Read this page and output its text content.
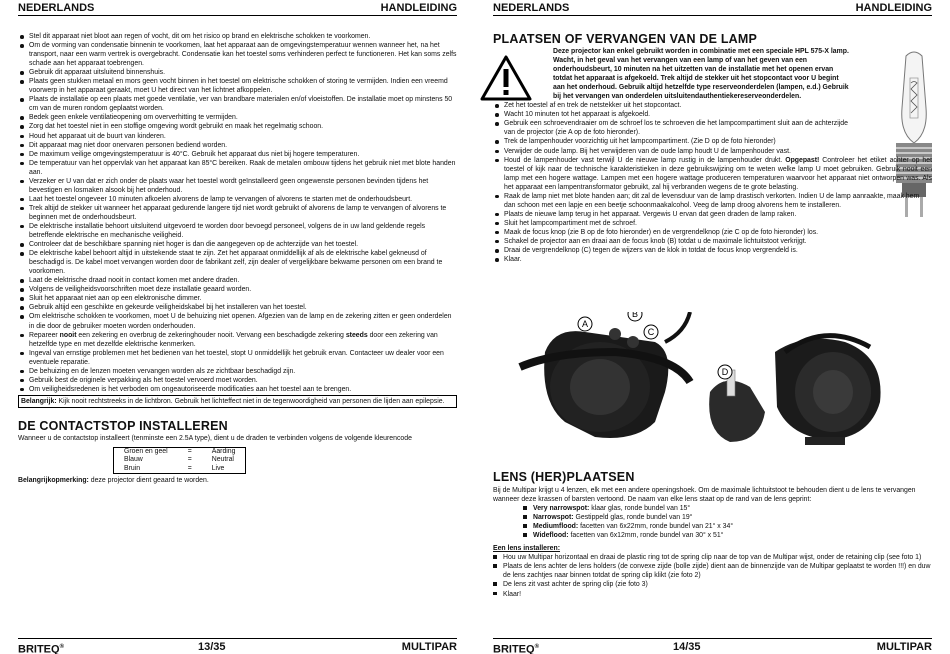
NEDERLANDS	HANDLEIDING
Stel dit apparaat niet bloot aan regen of vocht, dit om het risico op brand en elektrische schokken te voorkomen.
Om de vorming van condensatie binnenin te voorkomen, laat het apparaat aan de omgevingstemperatuur wennen wanneer het, na het transport, naar een warm vertrek is overgebracht. Condensatie kan het toestel soms verhinderen perfect te functioneren. Het kan soms zelfs schade aan het apparaat toebrengen.
Gebruik dit apparaat uitsluitend binnenshuis.
Plaats geen stukken metaal en mors geen vocht binnen in het toestel om elektrische schokken of storing te vermijden. Indien een vreemd voorwerp in het apparaat geraakt, moet U het direct van het lichtnet afkoppelen.
Plaats de installatie op een plaats met goede ventilatie, ver van brandbare materialen en/of vloeistoffen. De installatie moet op minstens 50 cm van de muren rondom geplaatst worden.
Bedek geen enkele ventilatieopening om oververhitting te vermijden.
Zorg dat het toestel niet in een stoffige omgeving wordt gebruikt en maak het regelmatig schoon.
Houd het apparaat uit de buurt van kinderen.
Dit apparaat mag niet door onervaren personen bediend worden.
De maximum veilige omgevingstemperatuur is 40°C. Gebruik het apparaat dus niet bij hogere temperaturen.
De temperatuur van het oppervlak van het apparaat kan 85°C bereiken. Raak de metalen ombouw tijdens het gebruik niet met blote handen aan.
Verzeker er U van dat er zich onder de plaats waar het toestel wordt geïnstalleerd geen ongewenste personen bevinden tijdens het bevestigen en losmaken alsook bij het onderhoud.
Laat het toestel ongeveer 10 minuten afkoelen alvorens de lamp te vervangen of alvorens te starten met de onderhoudsbeurt.
Trek altijd de stekker uit wanneer het apparaat gedurende langere tijd niet wordt gebruikt of alvorens de lamp te vervangen of alvorens te beginnen met de onderhoudsbeurt.
De elektrische installatie behoort uitsluitend uitgevoerd te worden door bevoegd personeel, volgens de in uw land geldende regels betreffende elektrische en mechanische veiligheid.
Controleer dat de beschikbare spanning niet hoger is dan die aangegeven op de achterzijde van het toestel.
De elektrische kabel behoort altijd in uitstekende staat te zijn. Zet het apparaat onmiddellijk af als de elektrische kabel gekneusd of beschadigd is. De kabel moet vervangen worden door de fabrikant zelf, zijn dealer of vergelijkbare bekwame personen om een brand te voorkomen.
Laat de elektrische draad nooit in contact komen met andere draden.
Volgens de veiligheidsvoorschriften moet deze installatie geaard worden.
Sluit het apparaat niet aan op een elektronische dimmer.
Gebruik altijd een geschikte en gekeurde veiligheidskabel bij het installeren van het toestel.
Om elektrische schokken te voorkomen, moet U de behuizing niet openen. Afgezien van de lamp en de zekering zitten er geen onderdelen in die door de gebruiker moeten worden onderhouden.
Repareer nooit een zekering en overbrug de zekeringhouder nooit. Vervang een beschadigde zekering steeds door een zekering van hetzelfde type en met dezelfde elektrische kenmerken.
Ingeval van ernstige problemen met het bedienen van het toestel, stopt U onmiddellijk het gebruik ervan. Contacteer uw dealer voor een eventuele reparatie.
De behuizing en de lenzen moeten vervangen worden als ze zichtbaar beschadigd zijn.
Gebruik best de originele verpakking als het toestel vervoerd moet worden.
Om veiligheidsredenen is het verboden om ongeautoriseerde modificaties aan het toestel aan te brengen.
Belangrijk: Kijk nooit rechtstreeks in de lichtbron. Gebruik het lichteffect niet in de tegenwoordigheid van personen die lijden aan epilepsie.
DE CONTACTSTOP INSTALLEREN

Wanneer u de contactstop installeert (tenminste een 2.5A type), dient u de draden te verbinden volgens de volgende kleurencode

Groen en geel	=	Aarding
Blauw	=	Neutral
Bruin	=	Live

Belangrijkopmerking: deze projector dient geaard te worden.

BRITEQ®	13/35	MULTIPAR
NEDERLANDS	HANDLEIDING
PLAATSEN OF VERVANGEN VAN DE LAMP

Deze projector kan enkel gebruikt worden in combinatie met een speciale HPL 575-X lamp. Wacht, in het geval van het vervangen van een lamp of van het geven van een onderhoudsbeurt, 10 minuten na het uitzetten van de installatie met het openen ervan totdat het apparaat is afgekoeld. Trek altijd de stekker uit het stopcontact voor U begint aan het onderhoud. Gebruik altijd hetzelfde type reserveonderdelen (lampen, e.d.) Gebruik bij het vervangen van onderdelen uitsluitendauthentiekereserveonderdelen.

Zet het toestel af en trek de netstekker uit het stopcontact.
Wacht 10 minuten tot het apparaat is afgekoeld.
Gebruik een schroevendraaier om de schroef los te schroeven die het lampcompartiment sluit aan de achterzijde van de projector (zie A op de foto hieronder).
Trek de lampenhouder voorzichtig uit het lampcompartiment. (Zie D op de foto hieronder)
Verwijder de oude lamp. Bij het verwijderen van de oude lamp houdt U de lampenhouder vast.
Houd de lampenhouder vast terwijl U de nieuwe lamp rustig in de lampenhouder drukt. Opgepast! Controleer het etiket achter op het toestel of kijk naar de technische karakteristieken in deze gebruikswijzing om te weten welke lamp U moet gebruiken. Gebruik nooit een lamp met een hogere wattage. Lampen met een hogere wattage produceren temperaturen waarvoor het apparaat niet ontworpen was. Als het apparaat een lampentransformator gebruikt, zal hij verbranden wegens de te grote belasting.
Raak de lamp niet met blote handen aan; dit zal de levensduur van de lamp drastisch verkorten. Indien U de lamp aanraakte, maak hem dan schoon met een lapje en een beetje schoonmaakalcohol. Veeg de lamp droog alvorens hem te installeren.
Plaats de nieuwe lamp terug in het apparaat. Vergewis U ervan dat geen draden de lamp raken.
Sluit het lampcompartiment met de schroef.
Maak de focus knop (zie B op de foto hieronder) en de vergrendelknop (zie C op de foto hieronder) los.
Schakel de projector aan en draai aan de focus knob (B) totdat u de maximale lichtuitstoot verkrijgt.
Draai de vergrendelknop (C) tegen de wijzers van de klok in totdat de focus knop vergrendeld is.
Klaar.
A
B
C
D
LENS (HER)PLAATSEN

Bij de Multipar krijgt u 4 lenzen, elk met een andere openingshoek. Om de maximale lichtuitstoot te behouden dient u de lens te vervangen wanneer deze krassen of barsten vertoond. De naam van elke lens staat op de rand van de lens geprint:

Very narrowspot: klaar glas, ronde bundel van 15°
Narrowspot: Gestippeld glas, ronde bundel van 19°
Mediumflood: facetten van 6x22mm, ronde bundel van 21° x 34°
Wideflood: facetten van 6x12mm, ronde bundel van 30° x 51°

Een lens installeren:

Hou uw Multipar horizontaal en draai de plastic ring tot de spring clip naar de top van de Multipar wijst, onder de retaining clip (see foto 1)
Plaats de lens achter de lens holders (de convexe zijde (bolle zijde) dient aan de binnenzijde van de Multipar geplaatst te worden !!!) en duw de lens zachtjes naar binnen totdat de spring clip klikt (zie foto 2)
De lens zit vast achter de spring clip (zie foto 3)
Klaar!
BRITEQ®	14/35	MULTIPAR
